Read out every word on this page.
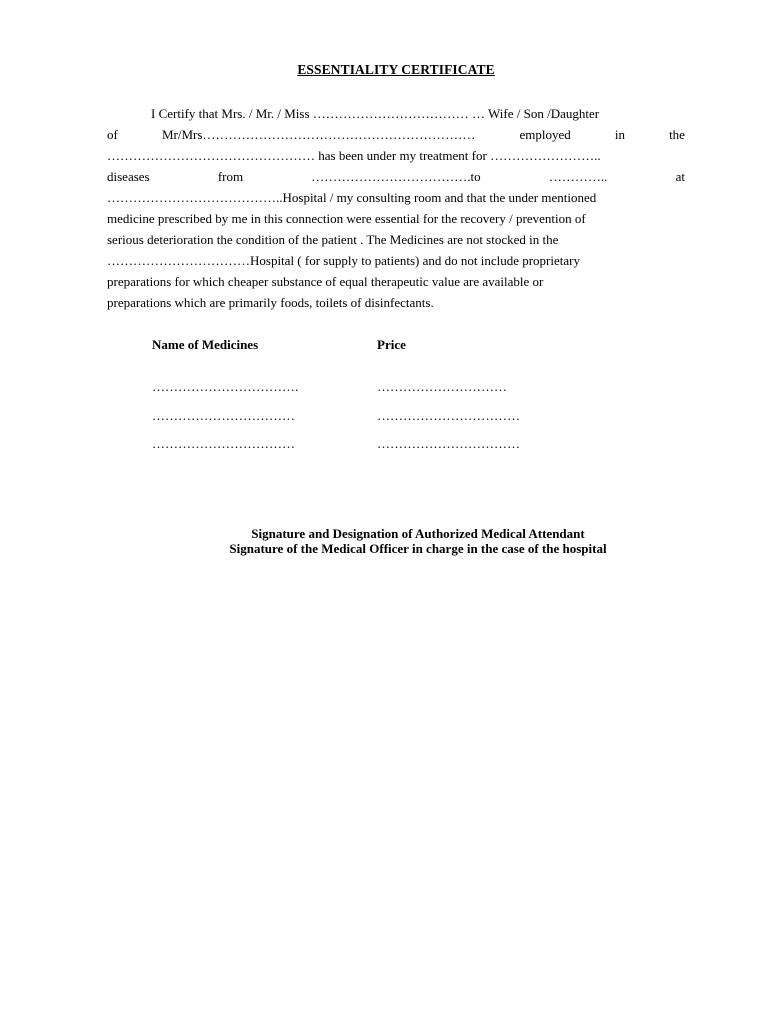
ESSENTIALITY CERTIFICATE
I Certify that Mrs. / Mr. / Miss ……………………………… … Wife / Son /Daughter
of	Mr/Mrs………………………………………………………	employed	in	the
………………………………………… has been under my treatment for ……………………..
diseases	from	……………………………….to	…………..	at
…………………………………..Hospital / my consulting room and that the under mentioned
medicine prescribed by me in this connection were essential for the recovery / prevention of
serious deterioration the condition of the patient . The Medicines are not stocked in the
……………………………Hospital ( for supply to patients) and do not include proprietary
preparations for which cheaper substance of equal therapeutic value are available or
preparations which are primarily foods, toilets of disinfectants.
Name of Medicines	Price
…………………………….	…………………………
……………………………	……………………………
……………………………	……………………………
Signature and Designation of Authorized Medical Attendant
Signature of the Medical Officer in charge in the case of the hospital
